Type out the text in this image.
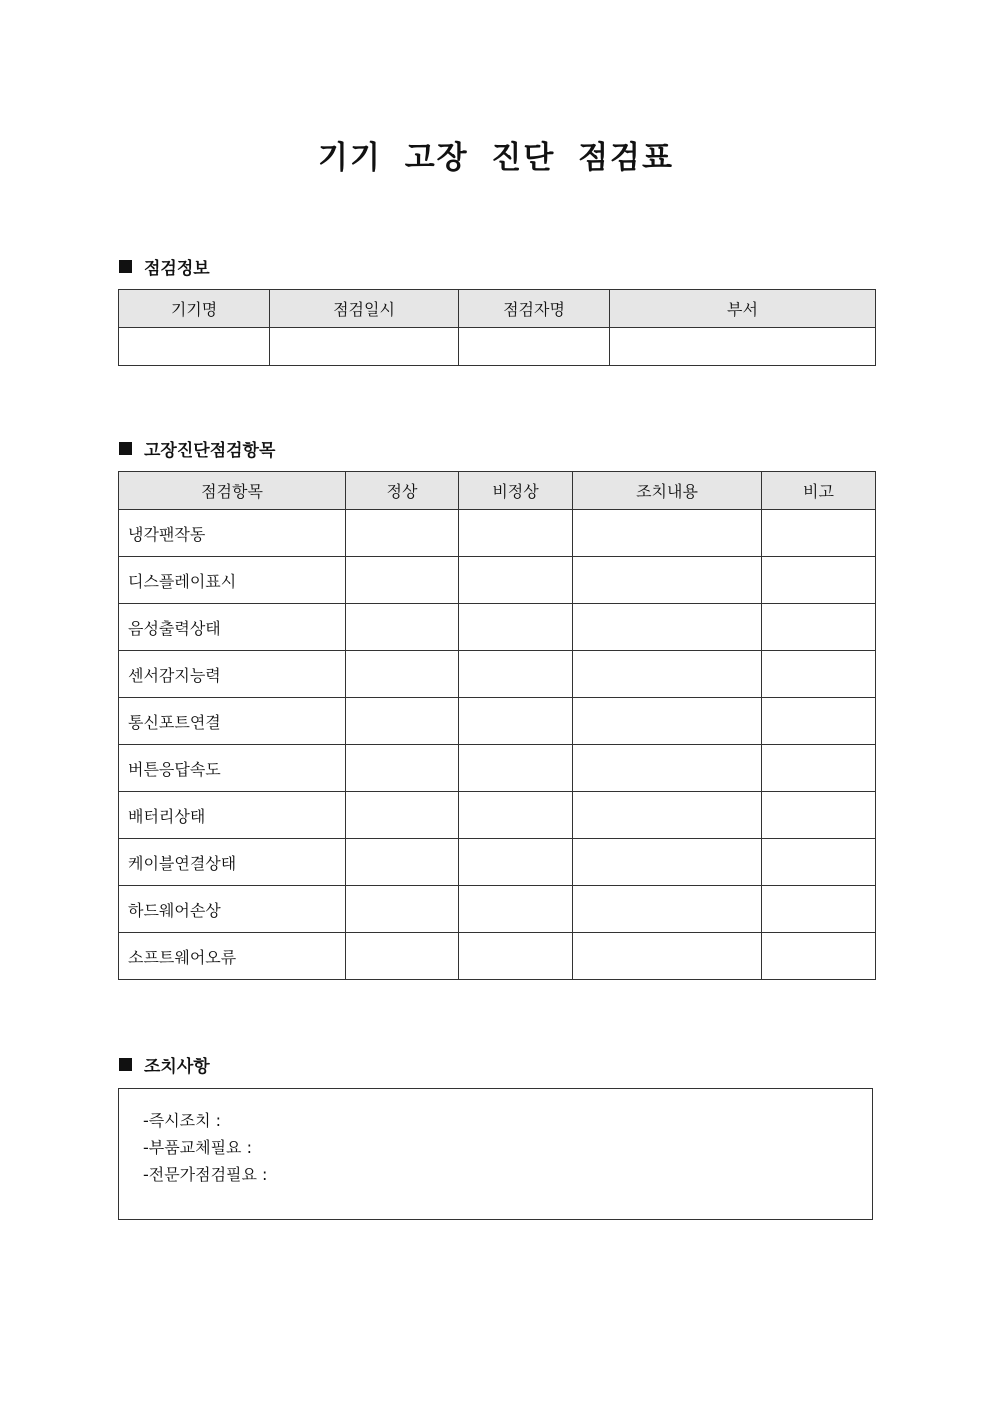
기기 고장 진단 점검표
점검정보
기기명	점검일시	점검자명	부서

고장진단점검항목
점검항목	정상	비정상	조치내용	비고
냉각팬작동				
디스플레이표시				
음성출력상태				
센서감지능력				
통신포트연결				
버튼응답속도				
배터리상태				
케이블연결상태				
하드웨어손상				
소프트웨어오류				
조치사항
-즉시조치 :
-부품교체필요 :
-전문가점검필요 :
